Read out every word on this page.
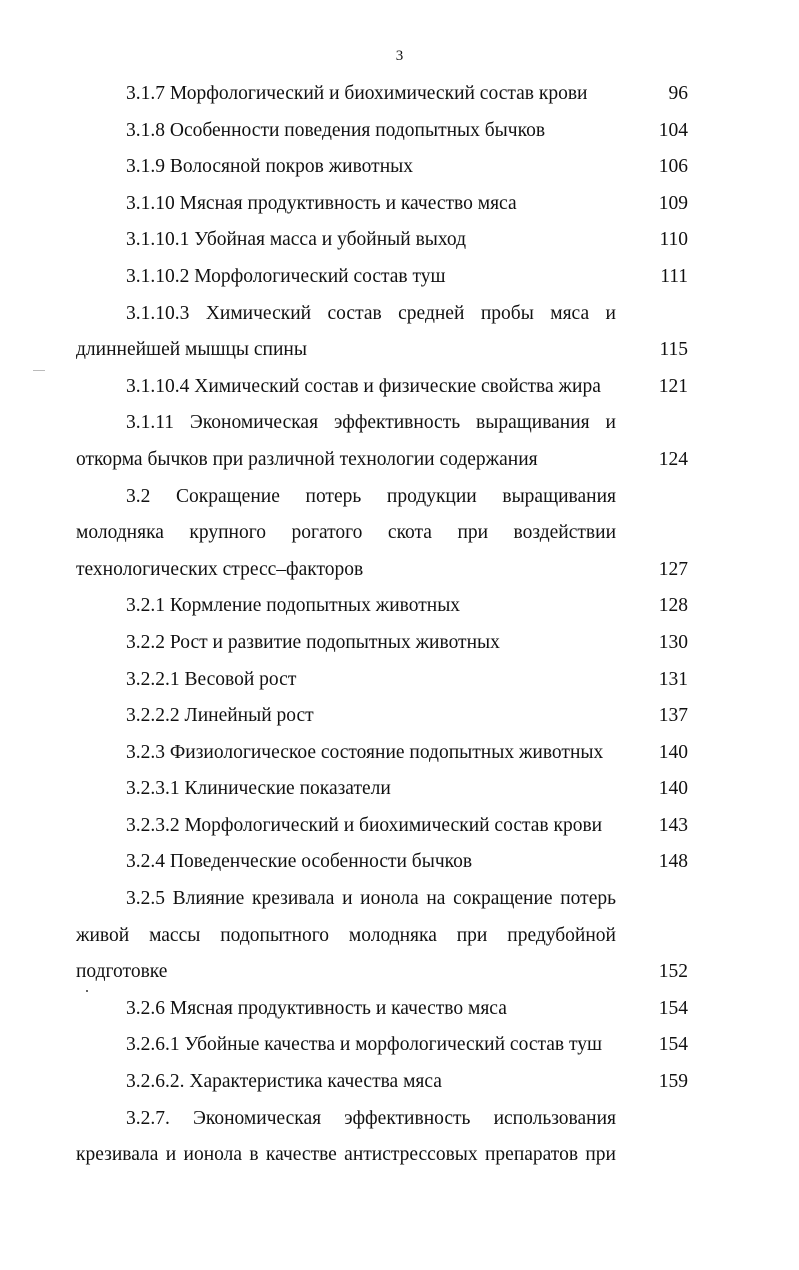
3
3.1.7 Морфологический и биохимический состав крови	96
3.1.8 Особенности поведения подопытных бычков	104
3.1.9 Волосяной покров животных	106
3.1.10 Мясная продуктивность и качество мяса	109
3.1.10.1 Убойная масса и убойный выход	110
3.1.10.2 Морфологический состав туш	111
3.1.10.3 Химический состав средней пробы мяса и длиннейшей мышцы спины	115
3.1.10.4 Химический состав и физические свойства жира	121
3.1.11 Экономическая эффективность выращивания и откорма бычков при различной технологии содержания	124
3.2 Сокращение потерь продукции выращивания молодняка крупного рогатого скота при воздействии технологических стресс–факторов	127
3.2.1 Кормление подопытных животных	128
3.2.2 Рост и развитие подопытных животных	130
3.2.2.1 Весовой рост	131
3.2.2.2 Линейный рост	137
3.2.3 Физиологическое состояние подопытных животных	140
3.2.3.1 Клинические показатели	140
3.2.3.2 Морфологический и биохимический состав крови	143
3.2.4 Поведенческие особенности бычков	148
3.2.5 Влияние крезивала и ионола на сокращение потерь живой массы подопытного молодняка при предубойной подготовке	152
3.2.6 Мясная продуктивность и качество мяса	154
3.2.6.1 Убойные качества и морфологический состав туш	154
3.2.6.2. Характеристика качества мяса	159
3.2.7. Экономическая эффективность использования крезивала и ионола в качестве антистрессовых препаратов при
